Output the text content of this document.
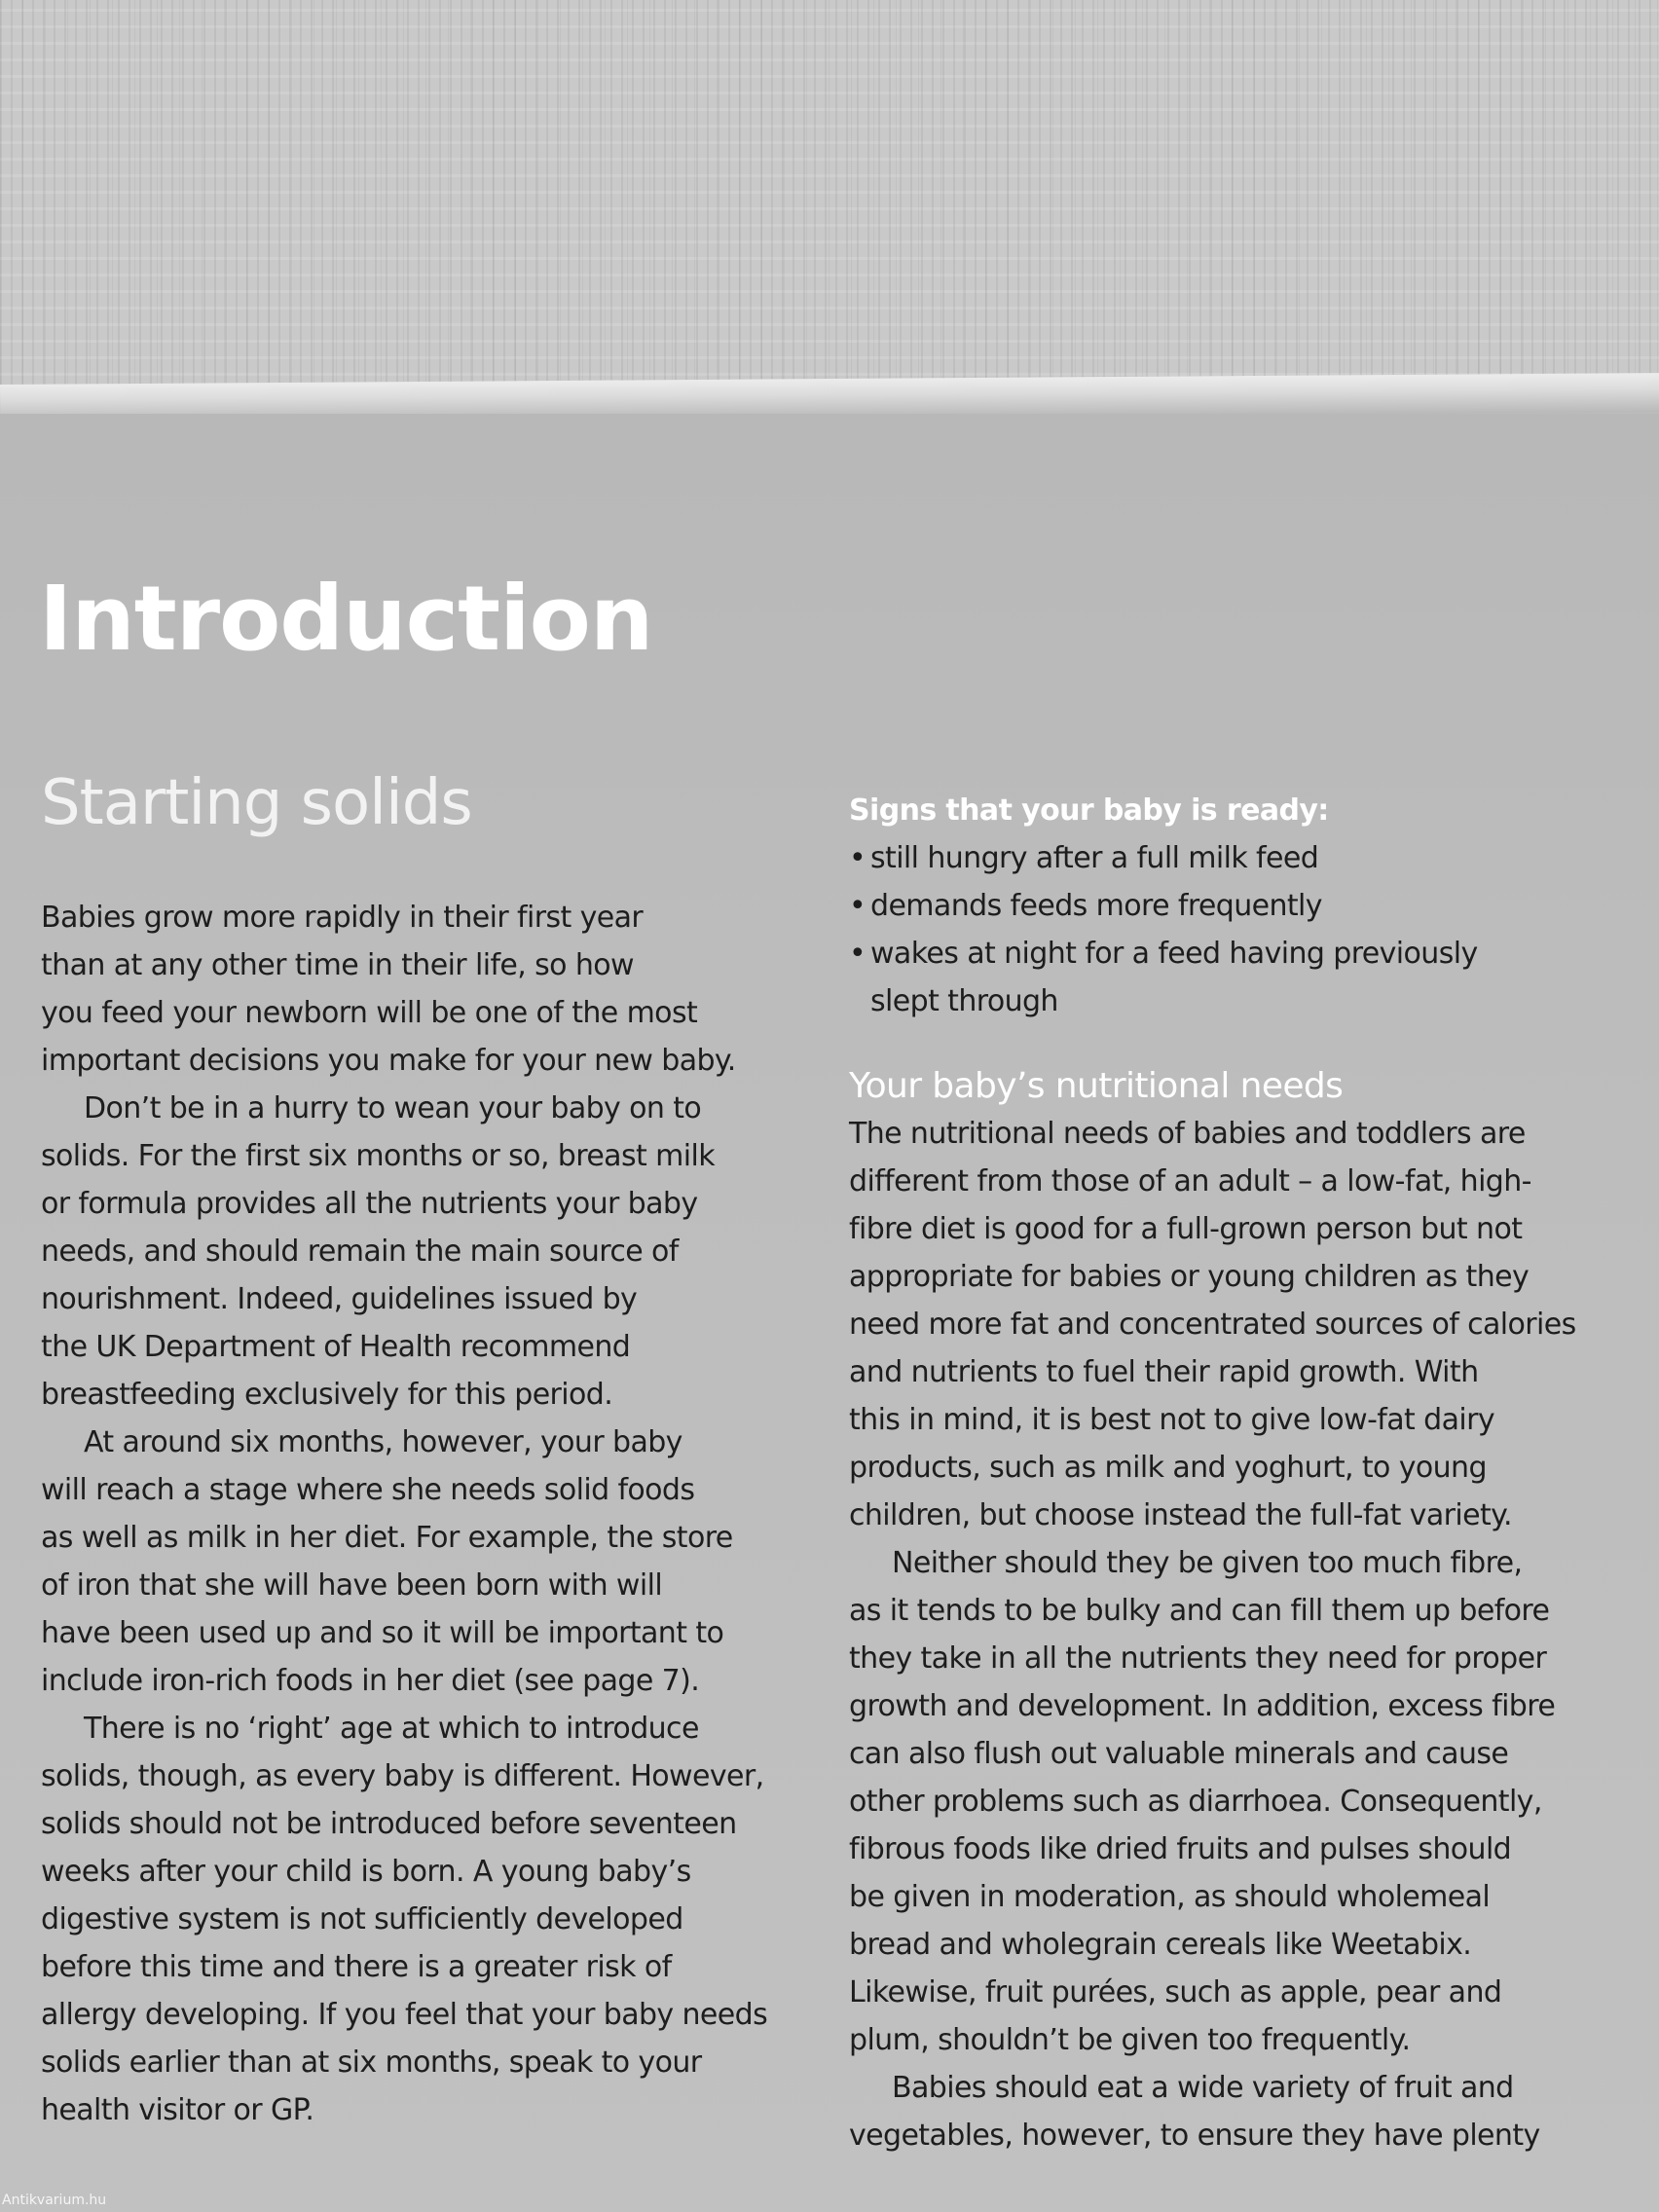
Introduction
Starting solids
Babies grow more rapidly in their first year
than at any other time in their life, so how
you feed your newborn will be one of the most
important decisions you make for your new baby.
Don’t be in a hurry to wean your baby on to
solids. For the first six months or so, breast milk
or formula provides all the nutrients your baby
needs, and should remain the main source of
nourishment. Indeed, guidelines issued by
the UK Department of Health recommend
breastfeeding exclusively for this period.
At around six months, however, your baby
will reach a stage where she needs solid foods
as well as milk in her diet. For example, the store
of iron that she will have been born with will
have been used up and so it will be important to
include iron-rich foods in her diet (see page 7).
There is no ‘right’ age at which to introduce
solids, though, as every baby is different. However,
solids should not be introduced before seventeen
weeks after your child is born. A young baby’s
digestive system is not sufficiently developed
before this time and there is a greater risk of
allergy developing. If you feel that your baby needs
solids earlier than at six months, speak to your
health visitor or GP.
Signs that your baby is ready:
• still hungry after a full milk feed
• demands feeds more frequently
• wakes at night for a feed having previously
slept through
Your baby’s nutritional needs
The nutritional needs of babies and toddlers are
different from those of an adult – a low-fat, high-
fibre diet is good for a full-grown person but not
appropriate for babies or young children as they
need more fat and concentrated sources of calories
and nutrients to fuel their rapid growth. With
this in mind, it is best not to give low-fat dairy
products, such as milk and yoghurt, to young
children, but choose instead the full-fat variety.
Neither should they be given too much fibre,
as it tends to be bulky and can fill them up before
they take in all the nutrients they need for proper
growth and development. In addition, excess fibre
can also flush out valuable minerals and cause
other problems such as diarrhoea. Consequently,
fibrous foods like dried fruits and pulses should
be given in moderation, as should wholemeal
bread and wholegrain cereals like Weetabix.
Likewise, fruit purées, such as apple, pear and
plum, shouldn’t be given too frequently.
Babies should eat a wide variety of fruit and
vegetables, however, to ensure they have plenty
Antikvarium.hu
